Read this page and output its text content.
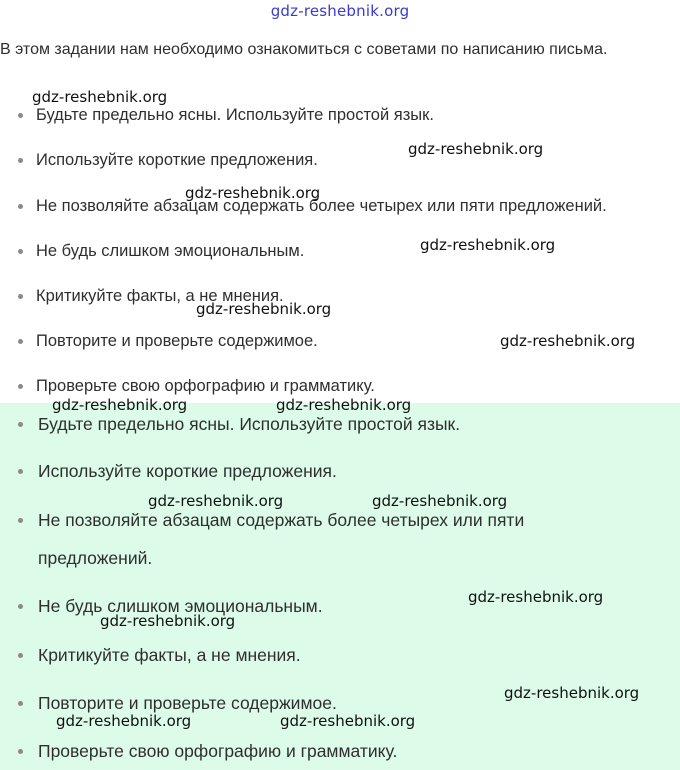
gdz-reshebnik.org
В этом задании нам необходимо ознакомиться с советами по написанию письма.
Будьте предельно ясны. Используйте простой язык.
Используйте короткие предложения.
Не позволяйте абзацам содержать более четырех или пяти предложений.
Не будь слишком эмоциональным.
Критикуйте факты, а не мнения.
Повторите и проверьте содержимое.
Проверьте свою орфографию и грамматику.
Будьте предельно ясны. Используйте простой язык.
Используйте короткие предложения.
Не позволяйте абзацам содержать более четырех или пяти предложений.
Не будь слишком эмоциональным.
Критикуйте факты, а не мнения.
Повторите и проверьте содержимое.
Проверьте свою орфографию и грамматику.
gdz-reshebnik.org
gdz-reshebnik.org
gdz-reshebnik.org
gdz-reshebnik.org
gdz-reshebnik.org
gdz-reshebnik.org
gdz-reshebnik.org	gdz-reshebnik.org
gdz-reshebnik.org	gdz-reshebnik.org
gdz-reshebnik.org
gdz-reshebnik.org
gdz-reshebnik.org
gdz-reshebnik.org	gdz-reshebnik.org
